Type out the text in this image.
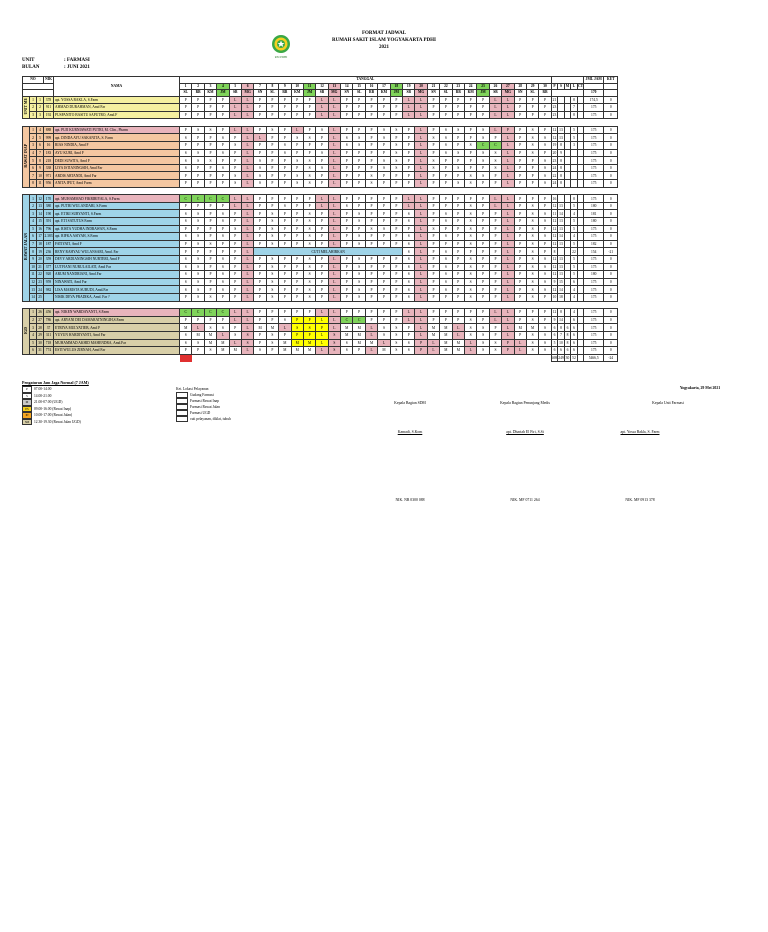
FORMAT JADWAL
RUMAH SAKIT ISLAM YOGYAKARTA PDHI
2021
RSI PDHI
UNIT	: FARMASI
BULAN	: JUNI 2021
NO			NIK	NAMA	TANGGAL																																			JML JAM	KET
					1	2	3	4	5	6	7	8	9	10	11	12	13	14	15	16	17	18	19	20	21	22	23	24	25	26	27	28	29	30	P	S	M	L	CT		
					SL	RB	KM	JM	SB	MG	SN	SL	RB	KM	JM	SB	MG	SN	SL	RB	KM	JM	SB	MG	SN	SL	RB	KM	JM	SB	MG	SN	SL	RB						170	
UNIT ME	1	1	378	apt. YOSSA BAKLA, S.Farm	P	P	P	P	L	L	P	P	P	P	P	L	L	P	P	P	P	P	L	L	P	P	P	P	P	L	L	P	P	P	21			8		174,5	0
	2	2	911	AHMAD DURAHMAN, Amd Far	P	P	P	P	L	L	P	P	P	P	P	L	L	P	P	P	P	P	L	L	P	P	P	P	P	L	L	P	P	P	23			7		175	0
	3	3	192	PUSPANITO BASITU SAPUTRO, Amd.F	P	P	P	P	L	L	P	P	P	P	P	L	L	P	P	P	P	P	L	L	P	P	P	P	P	L	L	P	P	P	23			8		175	0

RAWAT INAP	1	4	888	apt. PUJI KURNIAWATI PUTRI, M. Clin., Pharm	P	S	S	P	L	L	P	S	P	L	P	S	L	P	P	P	S	S	P	L	P	S	S	P	S	L	P	P	S	P	12	13		5		175	0
	2	5	999	apt. DINDA AYU SAKANITA, S. Farm	S	P	P	S	P	L	L	P	P	S	S	P	L	S	S	P	S	P	P	L	S	S	P	P	S	P	L	P	S	S	12	13		5		175	0
	3	6	16	RIAS NINDIA, Amd F	P	P	P	P	S	L	P	P	S	P	P	P	L	S	S	P	P	S	P	L	P	S	P	S	C	C	L	P	S	S	19	8		3		175	0
	4	7	183	AYU KURI, Amd F	S	S	P	S	P	L	P	P	S	P	P	S	L	P	P	P	P	S	P	L	P	S	S	P	S	S	L	P	S	P	20	9				175	0
	5	8	218	DEDI SUWITA, Amd F	S	S	S	P	P	L	S	P	P	S	S	P	L	P	P	P	S	S	P	L	S	P	P	P	S	S	L	P	P	S	23	8				175	0
	6	9	338	LIYA ISTIANINGSIH, Amd Far	S	P	P	S	P	L	S	P	P	P	S	S	L	P	P	P	S	S	P	L	S	P	S	P	P	S	L	P	P	S	24	8				175	0
	7	10	971	ARDIS ARTANDI, Amd Far	P	P	P	P	S	L	S	P	P	S	S	P	L	P	P	S	P	P	P	L	P	P	P	S	S	P	L	P	P	S	22	8				175	0
	8	11	956	ANITA IPUT, Amd Farm	P	P	P	P	S	L	S	P	P	S	S	P	L	P	P	S	P	P	P	L	P	P	S	S	P	P	L	P	P	S	24	8				175	0

RAWAT JALAN	1	12	170	apt. MUHAMMAD FIKRIRIYALA, S.Farm	C	C	C	C	L	L	P	P	P	P	P	L	L	P	P	P	P	P	L	L	P	P	P	P	P	L	L	P	P	P	16			8		175	0
	2	13	380	apt. PUTRI WULANDARI, S.Farm	P	P	P	P	L	L	P	P	S	P	P	L	L	S	P	P	P	P	L	L	P	P	P	S	P	L	L	P	S	P	12	13		5		180	0
	3	14	190	apt. ETIKI SURYANTI, S.Farm	S	S	P	S	P	L	P	S	P	P	S	P	L	P	S	P	P	P	S	L	P	S	P	S	P	P	L	P	S	S	11	14		4		181	0
	4	15	391	apt. ETI SATUTUS Farm	S	S	P	S	P	L	P	S	P	P	S	P	L	P	S	P	P	P	S	L	P	S	P	S	P	P	L	P	S	S	12	13		5		180	0
	5	16	796	apt. RISTA YUDHA INDRAWAN, S.Farm	P	P	P	P	S	L	P	S	P	P	S	P	L	P	P	S	S	P	P	L	S	P	P	S	P	P	L	P	S	P	12	13		5		175	0
	6	17	2.383	apt. RIFKA ASIYAH, S.Farm	S	S	P	S	P	L	P	S	P	P	S	P	L	P	S	P	P	P	S	L	P	S	P	S	P	P	L	P	S	S	12	14		4		175	0
	7	18	187	FATIYATI, Amd F	P	S	S	P	P	L	P	S	P	P	S	P	L	P	S	P	P	P	S	L	P	P	P	S	P	P	L	P	S	P	12	13		5		182	0
	8	19	236	RENY RAHYAU WULANSARI, Amd. Far	P	P	P	P	P	L	CUTI MELAHIRKAN												S	L	P	S	P	P	P	P	L	P	S	P	8			22		154	-21
	9	20	359	DEVY ARDIANINGSIH NURTERI, Amd F	S	S	P	S	P	L	P	S	P	P	S	P	L	P	S	P	P	P	S	L	P	S	P	S	P	P	L	P	S	S	12	13		5		175	0
	10	21	377	LUTFIANI NURULAILATI, Amd Far	S	S	P	S	P	L	P	S	P	P	S	P	L	P	S	P	P	P	S	L	P	S	P	S	P	P	L	P	S	S	12	13		5		175	0
	11	22	920	ARUM NANDRIANI, Amd.Far	S	S	P	S	P	L	P	S	P	P	S	P	L	P	S	P	P	P	S	L	P	S	P	S	P	P	L	P	S	S	12	13		5		180	0
	12	23	959	NINAWATI, Amd Far	S	S	P	S	P	L	P	S	P	P	S	P	L	P	S	P	P	P	S	L	P	S	P	S	P	P	L	P	S	S	9	15		6		175	0
	13	24	982	LISA MARISTA SUBUDI, Amd.Far	S	S	P	S	P	L	P	S	P	P	S	P	L	P	S	P	P	P	S	L	P	S	P	S	P	P	L	P	S	S	12	14		4		175	0
	14	25		NISIK DEVA PRADIKA, Amd. Far ?	P	S	S	P	P	L	P	S	P	P	S	P	L	P	S	P	P	P	S	L	P	P	P	S	P	P	L	P	S	P	10	18		4		175	0

IGD	1	26	456	apt. NIKEN WARDAYANTI, S.Farm	C	C	C	C	L	L	P	P	P	P	P	L	L	P	P	P	P	P	L	L	P	P	P	P	P	L	L	P	P	P	12	8		4		175	0
	2	27	786	apt. ARYANI DEI DAMARATNINGIH,S.Farm	P	P	P	P	L	L	P	P	S	P	P	L	L	C	C	P	P	P	L	L	P	P	P	S	P	L	L	P	S	P	9	14		6		175	0
	3	28	37	ETRIYA MULYATIEB, Amd F	M	L	S	S	P	L	M	M	L	S	S	P	L	M	M	L	S	S	P	L	M	M	L	S	S	P	L	M	M	S	6	8	6	6		175	0
	4	29	311	YUYUN HARDIYANTI, Amd Far	S	M	M	L	S	S	P	S	P	P	P	L	S	M	M	L	S	S	P	L	M	M	L	S	S	P	L	P	S	S	6	7	8	6		175	0
	5	30	718	MUHAMMAD AKHID MAHENDRA, Amd.Far	S	S	M	M	L	S	P	S	M	M	M	L	S	S	M	M	L	S	S	P	L	M	M	L	S	S	P	L	S	S	5	10	8	6		175	0
	6	31	774	ESTI WULUS ZIRNAH, Amd Far	P	P	S	M	M	L	S	P	M	M	M	L	S	S	P	L	M	S	S	P	L	M	M	L	S	S	P	L	S	S	6	6	6	6		175	0
																																			469	249	30	52		5466,5	-24
Pengaturan Jam Jaga Normal (7 JAM)
P	07.00-14.00
S	14.00-21.00
M	21.00-07.00 (UGD)
PS	09.00-16.00 (Rawat Inap)
PJ	10.00-17.00 (Rawat Jalan)
SM	12.30-19.30 (Rawat Jalan UGD)
Ket. Lokasi Pelayanan
Gudang Farmasi
Farmasi Rawat Inap
Farmasi Rawat Jalan
Farmasi UGD
cuti pelayanan, diklat, tubuh
Yogyakarta, 29 Mei 2021
Kepala Bagian SDM	Kepala Bagian Penunjang Medis	Kepala Unit Farmasi
Kamadi, S.Kom	apt. Dhariah El Firi, S.Si	apt. Yossa Bakla, S. Farm
NIK. NR 0300 088	NIK. MF 0711 264	NIK. MF 0913 378
